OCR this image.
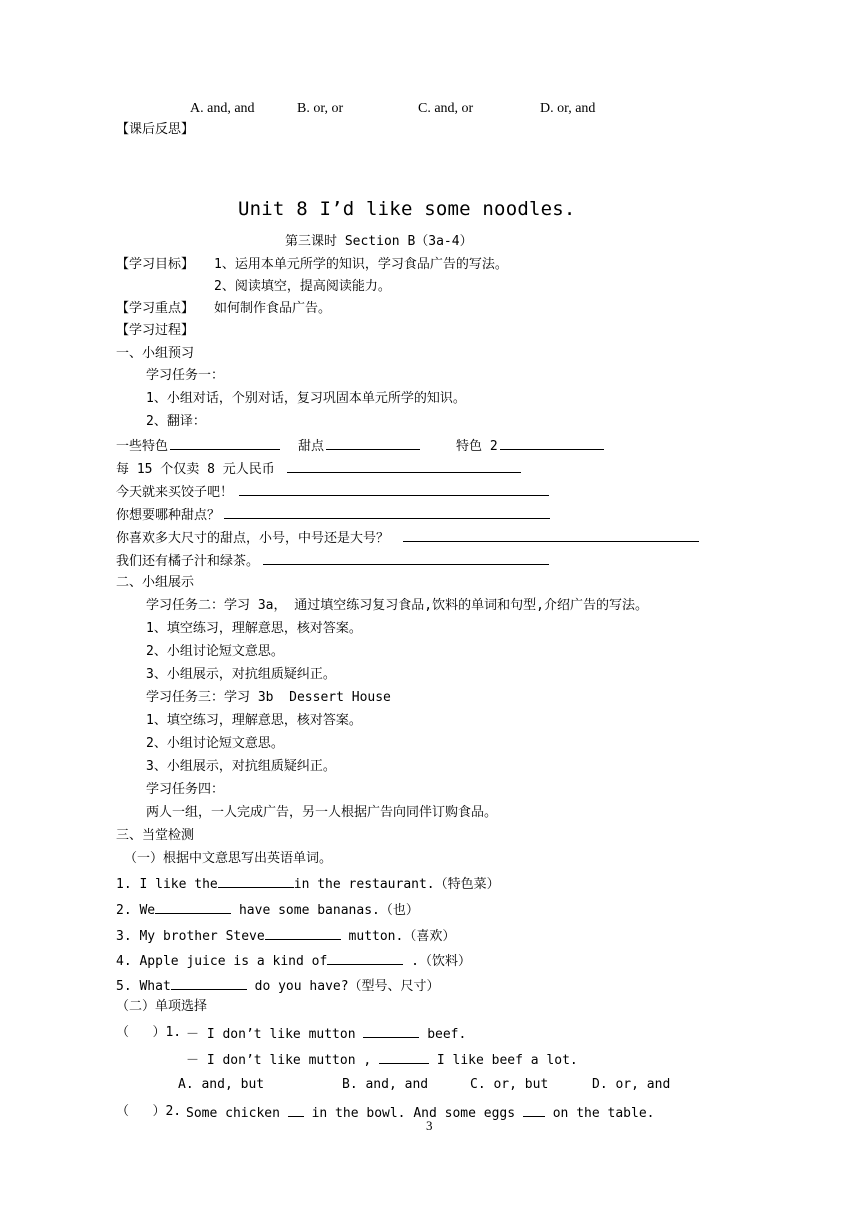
A. and, and	B. or, or	C. and, or	D. or, and
【课后反思】
Unit 8 I’d like some noodles.
第三课时 Section B（3a-4）
【学习目标】 1、运用本单元所学的知识，学习食品广告的写法。
2、阅读填空，提高阅读能力。
【学习重点】 如何制作食品广告。
【学习过程】
一、小组预习
学习任务一：
1、小组对话，个别对话，复习巩固本单元所学的知识。
2、翻译：
一些特色	甜点	特色 2
每 15 个仅卖 8 元人民币
今天就来买饺子吧！
你想要哪种甜点？
你喜欢多大尺寸的甜点，小号，中号还是大号？
我们还有橘子汁和绿茶。
二、小组展示
学习任务二：学习 3a， 通过填空练习复习食品,饮料的单词和句型,介绍广告的写法。
1、填空练习，理解意思，核对答案。
2、小组讨论短文意思。
3、小组展示，对抗组质疑纠正。
学习任务三：学习 3b  Dessert House
1、填空练习，理解意思，核对答案。
2、小组讨论短文意思。
3、小组展示，对抗组质疑纠正。
学习任务四：
两人一组，一人完成广告，另一人根据广告向同伴订购食品。
三、当堂检测
（一）根据中文意思写出英语单词。
1. I like the	in the restaurant.（特色菜）
2. We	have some bananas.（也）
3. My brother Steve	mutton.（喜欢）
4. Apple juice is a kind of	.（饮料）
5. What	do you have?（型号、尺寸）
（二）单项选择
（   ）1. － I don’t like mutton	beef.
－ I don’t like mutton ,	I like beef a lot.
A. and, but	B. and, and	C. or, but	D. or, and
（   ）2. Some chicken  in the bowl. And some eggs  on the table.
3
